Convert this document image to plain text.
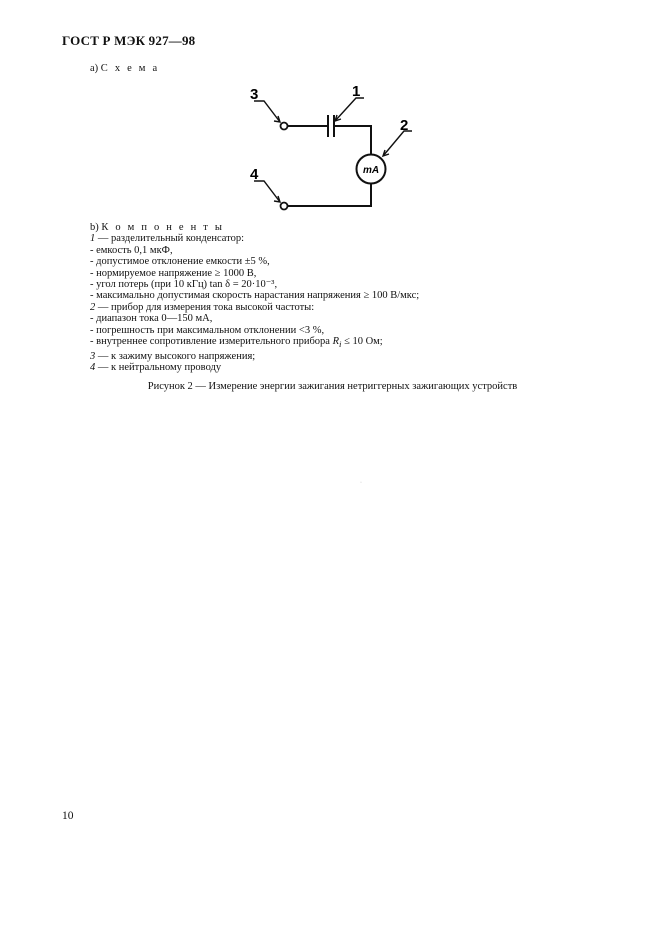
ГОСТ Р МЭК 927—98
а) С х е м а
3
4
1
2
mA
b) К о м п о н е н т ы
1 — разделительный конденсатор:
- емкость 0,1 мкФ,
- допустимое отклонение емкости ±5 %,
- нормируемое напряжение ≥ 1000 В,
- угол потерь (при 10 кГц) tan δ = 20·10⁻³,
- максимально допустимая скорость нарастания напряжения ≥ 100 В/мкс;
2 — прибор для измерения тока высокой частоты:
- диапазон тока 0—150 мА,
- погрешность при максимальном отклонении <3 %,
- внутреннее сопротивление измерительного прибора $R_i \le 10$ Ом;
3 — к зажиму высокого напряжения;
4 — к нейтральному проводу
Рисунок 2 — Измерение энергии зажигания нетриггерных зажигающих устройств
·
10
